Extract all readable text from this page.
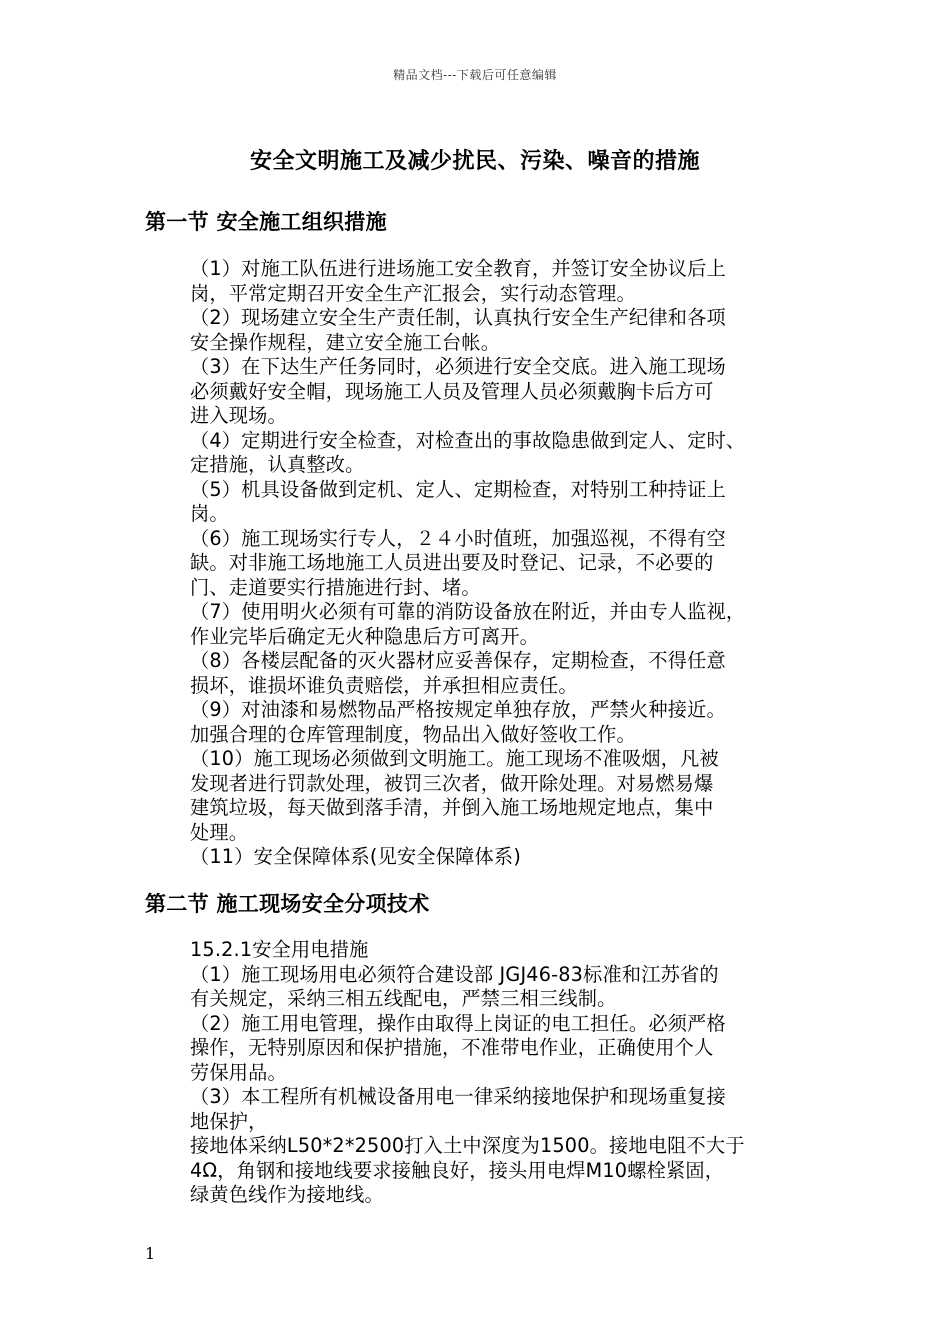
精品文档---下载后可任意编辑
安全文明施工及减少扰民、污染、噪音的措施
第一节 安全施工组织措施

（1）对施工队伍进行进场施工安全教育，并签订安全协议后上

岗，平常定期召开安全生产汇报会，实行动态管理。

（2）现场建立安全生产责任制，认真执行安全生产纪律和各项

安全操作规程，建立安全施工台帐。

（3）在下达生产任务同时，必须进行安全交底。进入施工现场

必须戴好安全帽，现场施工人员及管理人员必须戴胸卡后方可

进入现场。

（4）定期进行安全检查，对检查出的事故隐患做到定人、定时、

定措施，认真整改。

（5）机具设备做到定机、定人、定期检查，对特别工种持证上

岗。

（6）施工现场实行专人，２４小时值班，加强巡视，不得有空

缺。对非施工场地施工人员进出要及时登记、记录，不必要的

门、走道要实行措施进行封、堵。

（7）使用明火必须有可靠的消防设备放在附近，并由专人监视，

作业完毕后确定无火种隐患后方可离开。

（8）各楼层配备的灭火器材应妥善保存，定期检查，不得任意

损坏，谁损坏谁负责赔偿，并承担相应责任。

（9）对油漆和易燃物品严格按规定单独存放，严禁火种接近。

加强合理的仓库管理制度，物品出入做好签收工作。

（10）施工现场必须做到文明施工。施工现场不准吸烟，凡被

发现者进行罚款处理，被罚三次者，做开除处理。对易燃易爆

建筑垃圾，每天做到落手清，并倒入施工场地规定地点，集中

处理。

（11）安全保障体系(见安全保障体系)

第二节 施工现场安全分项技术

15.2.1安全用电措施

（1）施工现场用电必须符合建设部 JGJ46-83标准和江苏省的

有关规定，采纳三相五线配电，严禁三相三线制。

（2）施工用电管理，操作由取得上岗证的电工担任。必须严格

操作，无特别原因和保护措施，不准带电作业，正确使用个人

劳保用品。

（3）本工程所有机械设备用电一律采纳接地保护和现场重复接

地保护，

接地体采纳L50*2*2500打入土中深度为1500。接地电阻不大于

4Ω，角钢和接地线要求接触良好，接头用电焊M10螺栓紧固，

绿黄色线作为接地线。

1
